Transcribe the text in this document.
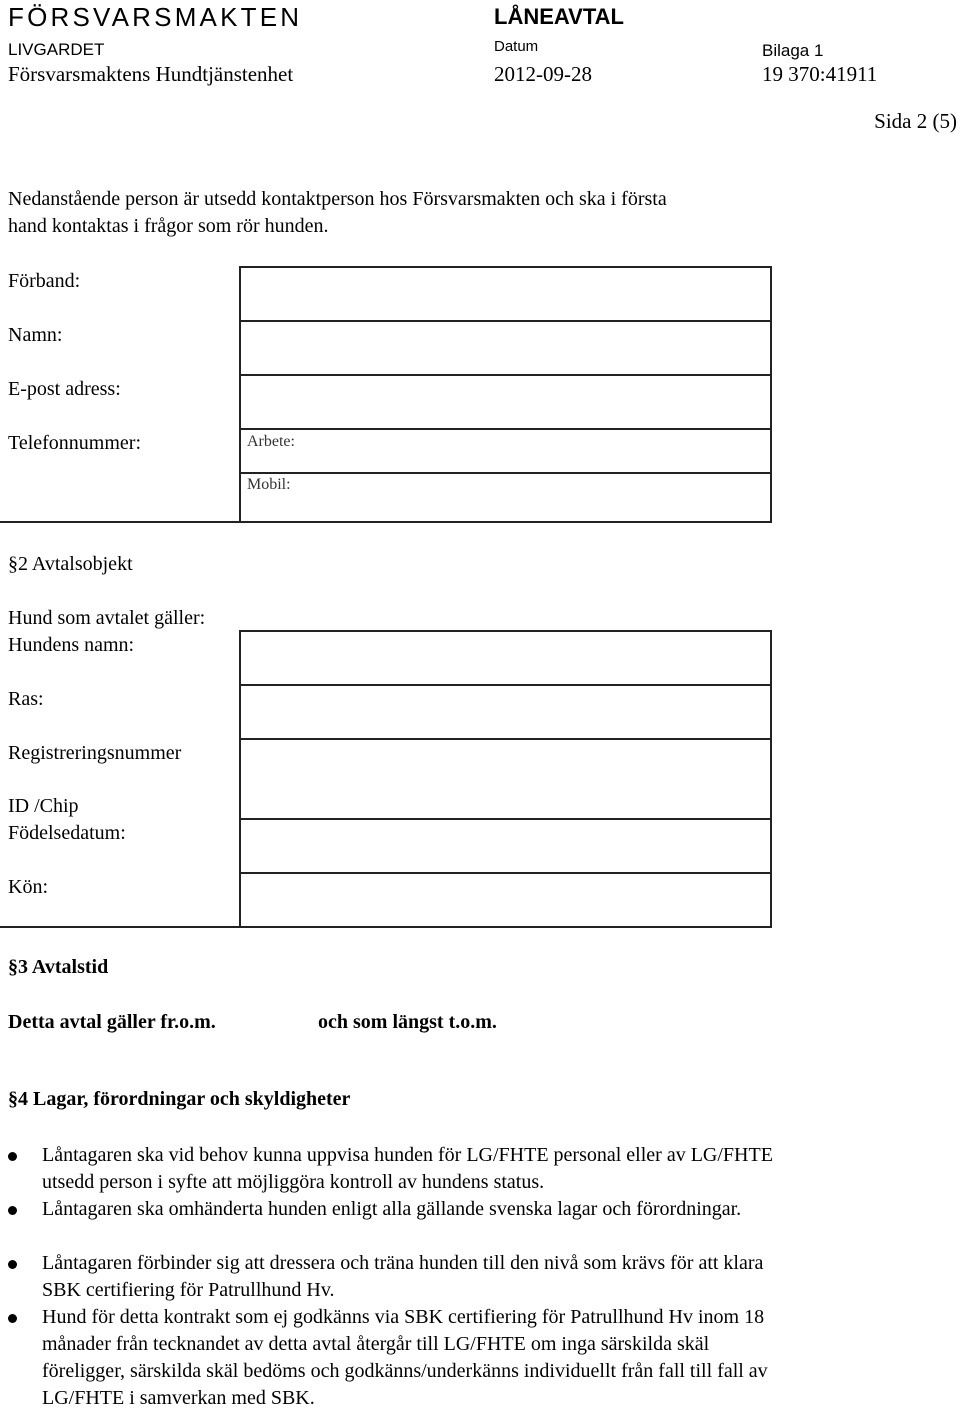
FÖRSVARSMAKTEN	LÅNEAVTAL
LIVGARDET	Datum	Bilaga 1
Försvarsmaktens Hundtjänstenhet	2012-09-28	19 370:41911
Sida 2 (5)
Nedanstående person är utsedd kontaktperson hos Försvarsmakten och ska i första
hand kontaktas i frågor som rör hunden.
Förband:
Namn:
E-post adress:
Telefonnummer:	Arbete:
Mobil:
§2 Avtalsobjekt
Hund som avtalet gäller:
Hundens namn:
Ras:
Registreringsnummer
ID /Chip
Födelsedatum:
Kön:
§3 Avtalstid
Detta avtal gäller fr.o.m.	och som längst t.o.m.
§4 Lagar, förordningar och skyldigheter
Låntagaren ska vid behov kunna uppvisa hunden för LG/FHTE personal eller av LG/FHTE utsedd person i syfte att möjliggöra kontroll av hundens status.
Låntagaren ska omhänderta hunden enligt alla gällande svenska lagar och förordningar.
Låntagaren förbinder sig att dressera och träna hunden till den nivå som krävs för att klara SBK certifiering för Patrullhund Hv.
Hund för detta kontrakt som ej godkänns via SBK certifiering för Patrullhund Hv inom 18 månader från tecknandet av detta avtal återgår till LG/FHTE om inga särskilda skäl föreligger, särskilda skäl bedöms och godkänns/underkänns individuellt från fall till fall av LG/FHTE i samverkan med SBK.
